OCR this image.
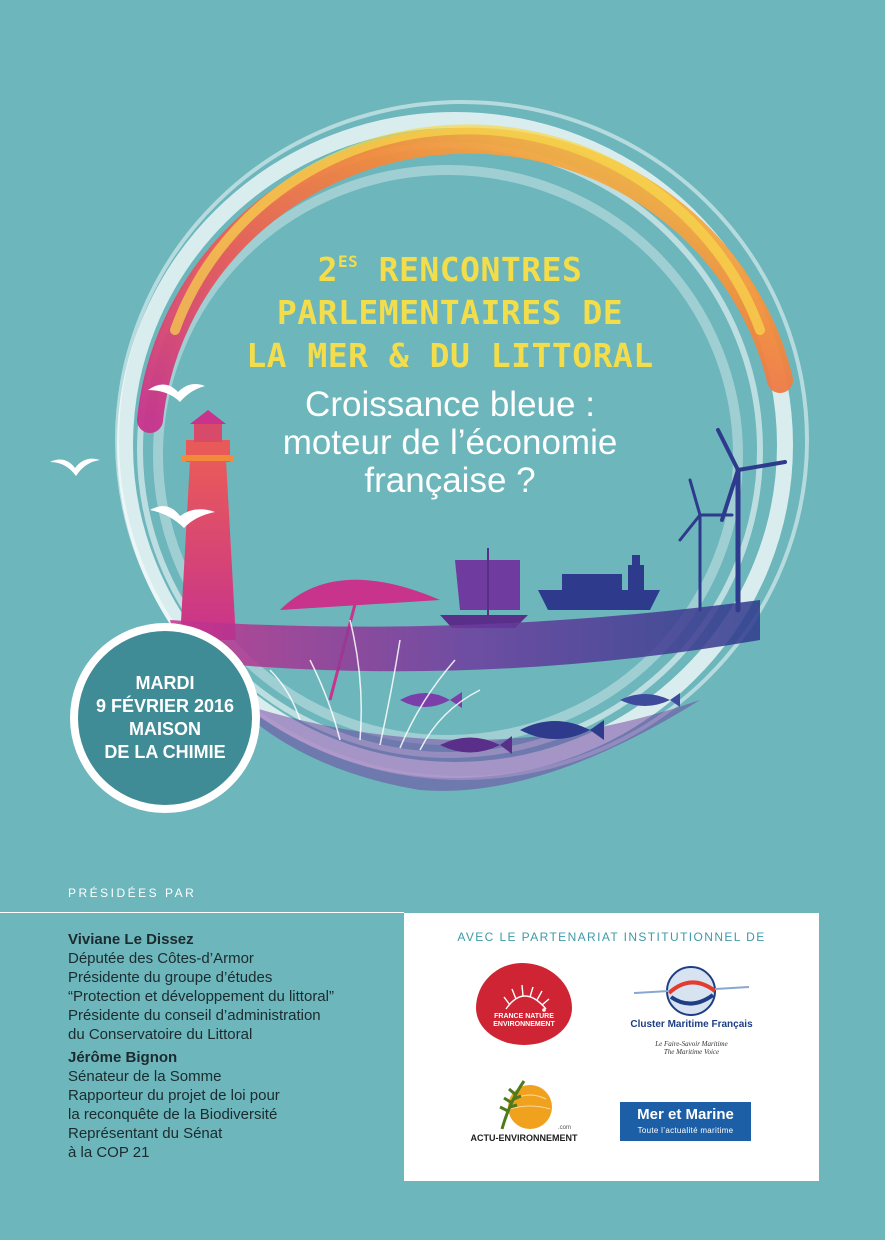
$2^{ES}$ RENCONTRES
PARLEMENTAIRES DE
LA MER & DU LITTORAL
Croissance bleue :
moteur de l’économie
française ?
MARDI
9 FÉVRIER 2016
MAISON
DE LA CHIMIE
PRÉSIDÉES PAR
Viviane Le Dissez
Députée des Côtes-d’Armor
Présidente du groupe d’études
“Protection et développement du littoral”
Présidente du conseil d’administration
du Conservatoire du Littoral
Jérôme Bignon
Sénateur de la Somme
Rapporteur du projet de loi pour
la reconquête de la Biodiversité
Représentant du Sénat
à la COP 21
AVEC LE PARTENARIAT INSTITUTIONNEL DE
FRANCE NATURE
ENVIRONNEMENT	Cluster Maritime Français
Le Faire-Savoir Maritime
The Maritime Voice
.com
ACTU-ENVIRONNEMENT
Mer et Marine
Toute l’actualité maritime
